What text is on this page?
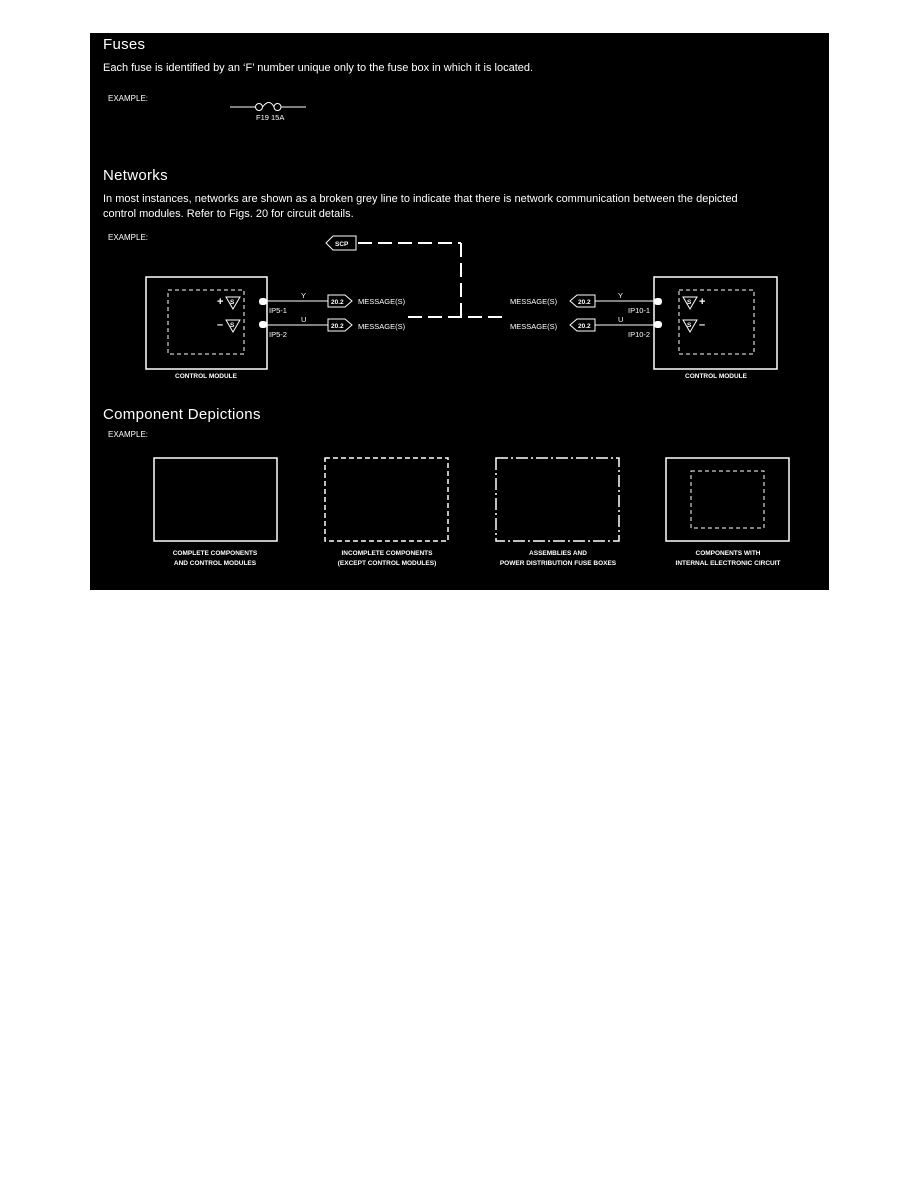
Fuses
Each fuse is identified by an ‘F’ number unique only to the fuse box in which it is located.
EXAMPLE:
Networks
In most instances, networks are shown as a broken grey line to indicate that there is network communication between the depicted
control modules. Refer to Figs. 20 for circuit details.
EXAMPLE:
Component Depictions
EXAMPLE:
F19 15A
SCP
+ S
– S
IP5-1
IP5-2
Y
U
20.2
20.2
MESSAGE(S)
MESSAGE(S)
MESSAGE(S)
MESSAGE(S)
20.2
20.2
S +
S –
IP10-1
IP10-2
Y
U
CONTROL MODULE	CONTROL MODULE
COMPLETE COMPONENTS
AND CONTROL MODULES
INCOMPLETE COMPONENTS
(EXCEPT CONTROL MODULES)
ASSEMBLIES AND
POWER DISTRIBUTION FUSE BOXES
COMPONENTS WITH
INTERNAL ELECTRONIC CIRCUIT
